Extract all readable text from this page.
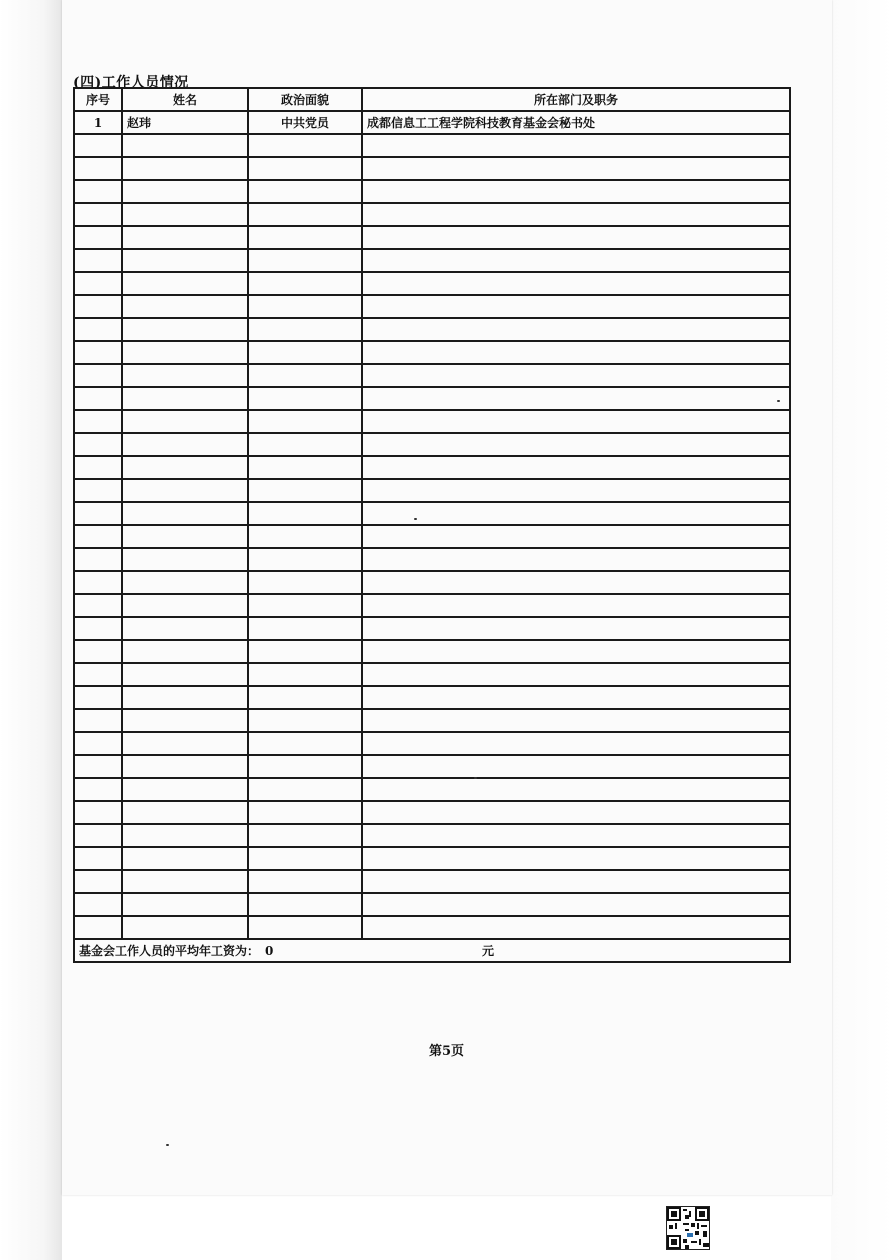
(四)工作人员情况
序号	姓名	政治面貌	所在部门及职务
1	赵玮	中共党员	成都信息工工程学院科技教育基金会秘书处

基金会工作人员的平均年工资为： 0 元			
第5页
